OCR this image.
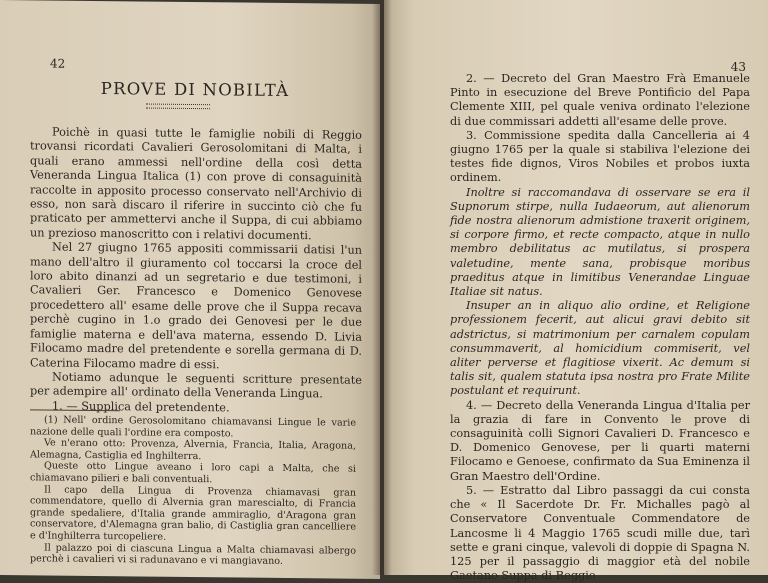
42
PROVE DI NOBILTÀ

Poichè in quasi tutte le famiglie nobili di Reggio trovansi ricordati Cavalieri Gerosolomitani di Malta, i quali erano ammessi nell'ordine della così detta Veneranda Lingua Italica (1) con prove di consaguinità raccolte in apposito processo conservato nell'Archivio di esso, non sarà discaro il riferire in succinto ciò che fu praticato per ammettervi anche il Suppa, di cui abbiamo un prezioso manoscritto con i relativi documenti.

Nel 27 giugno 1765 appositi commissarii datisi l'un mano dell'altro il giuramento col toccarsi la croce del loro abito dinanzi ad un segretario e due testimoni, i Cavalieri Ger. Francesco e Domenico Genovese procedettero all' esame delle prove che il Suppa recava perchè cugino in 1.o grado dei Genovesi per le due famiglie materna e dell'ava materna, essendo D. Livia Filocamo madre del pretendente e sorella germana di D. Caterina Filocamo madre di essi.

Notiamo adunque le seguenti scritture presentate per adempire all' ordinato della Veneranda Lingua.

1. — Supplica del pretendente.

(1) Nell' ordine Gerosolomitano chiamavansi Lingue le varie nazione delle quali l'ordine era composto.

Ve n'erano otto: Provenza, Alvernia, Francia, Italia, Aragona, Alemagna, Castiglia ed Inghilterra.

Queste otto Lingue aveano i loro capi a Malta, che si chiamavano pilieri e bali conventuali.

Il capo della Lingua di Provenza chiamavasi gran commendatore, quello di Alvernia gran marescialto, di Francia grande spedaliere, d'Italia grande ammiraglio, d'Aragona gran conservatore, d'Alemagna gran balio, di Castiglia gran cancelliere e d'Inghilterra turcopeliere.

Il palazzo poi di ciascuna Lingua a Malta chiamavasi albergo perchè i cavalieri vi si radunavano e vi mangiavano.

43

2. — Decreto del Gran Maestro Frà Emanuele Pinto in esecuzione del Breve Pontificio del Papa Clemente XIII, pel quale veniva ordinato l'elezione di due commissari addetti all'esame delle prove.

3. Commissione spedita dalla Cancelleria ai 4 giugno 1765 per la quale si stabiliva l'elezione dei testes fide dignos, Viros Nobiles et probos iuxta ordinem.

Inoltre si raccomandava di osservare se era il Supnorum stirpe, nulla Iudaeorum, aut alienorum fide nostra alienorum admistione traxerit originem, si corpore firmo, et recte compacto, atque in nullo membro debilitatus ac mutilatus, si prospera valetudine, mente sana, probisque moribus praeditus atque in limitibus Venerandae Linguae Italiae sit natus.

Insuper an in aliquo alio ordine, et Religione professionem fecerit, aut alicui gravi debito sit adstrictus, si matrimonium per carnalem copulam consummaverit, al homicidium commiserit, vel aliter perverse et flagitiose vixerit. Ac demum si talis sit, qualem statuta ipsa nostra pro Frate Milite postulant et requirunt.

4. — Decreto della Veneranda Lingua d'Italia per la grazia di fare in Convento le prove di consaguinità colli Signori Cavalieri D. Francesco e D. Domenico Genovese, per li quarti materni Filocamo e Genoese, confirmato da Sua Eminenza il Gran Maestro dell'Ordine.

5. — Estratto dal Libro passaggi da cui consta che « Il Sacerdote Dr. Fr. Michalles pagò al Conservatore Conventuale Commendatore de Lancosme li 4 Maggio 1765 scudi mille due, tarì sette e grani cinque, valevoli di doppie di Spagna N. 125 per il passaggio di maggior età del nobile Gaetano Suppa di Reggio
